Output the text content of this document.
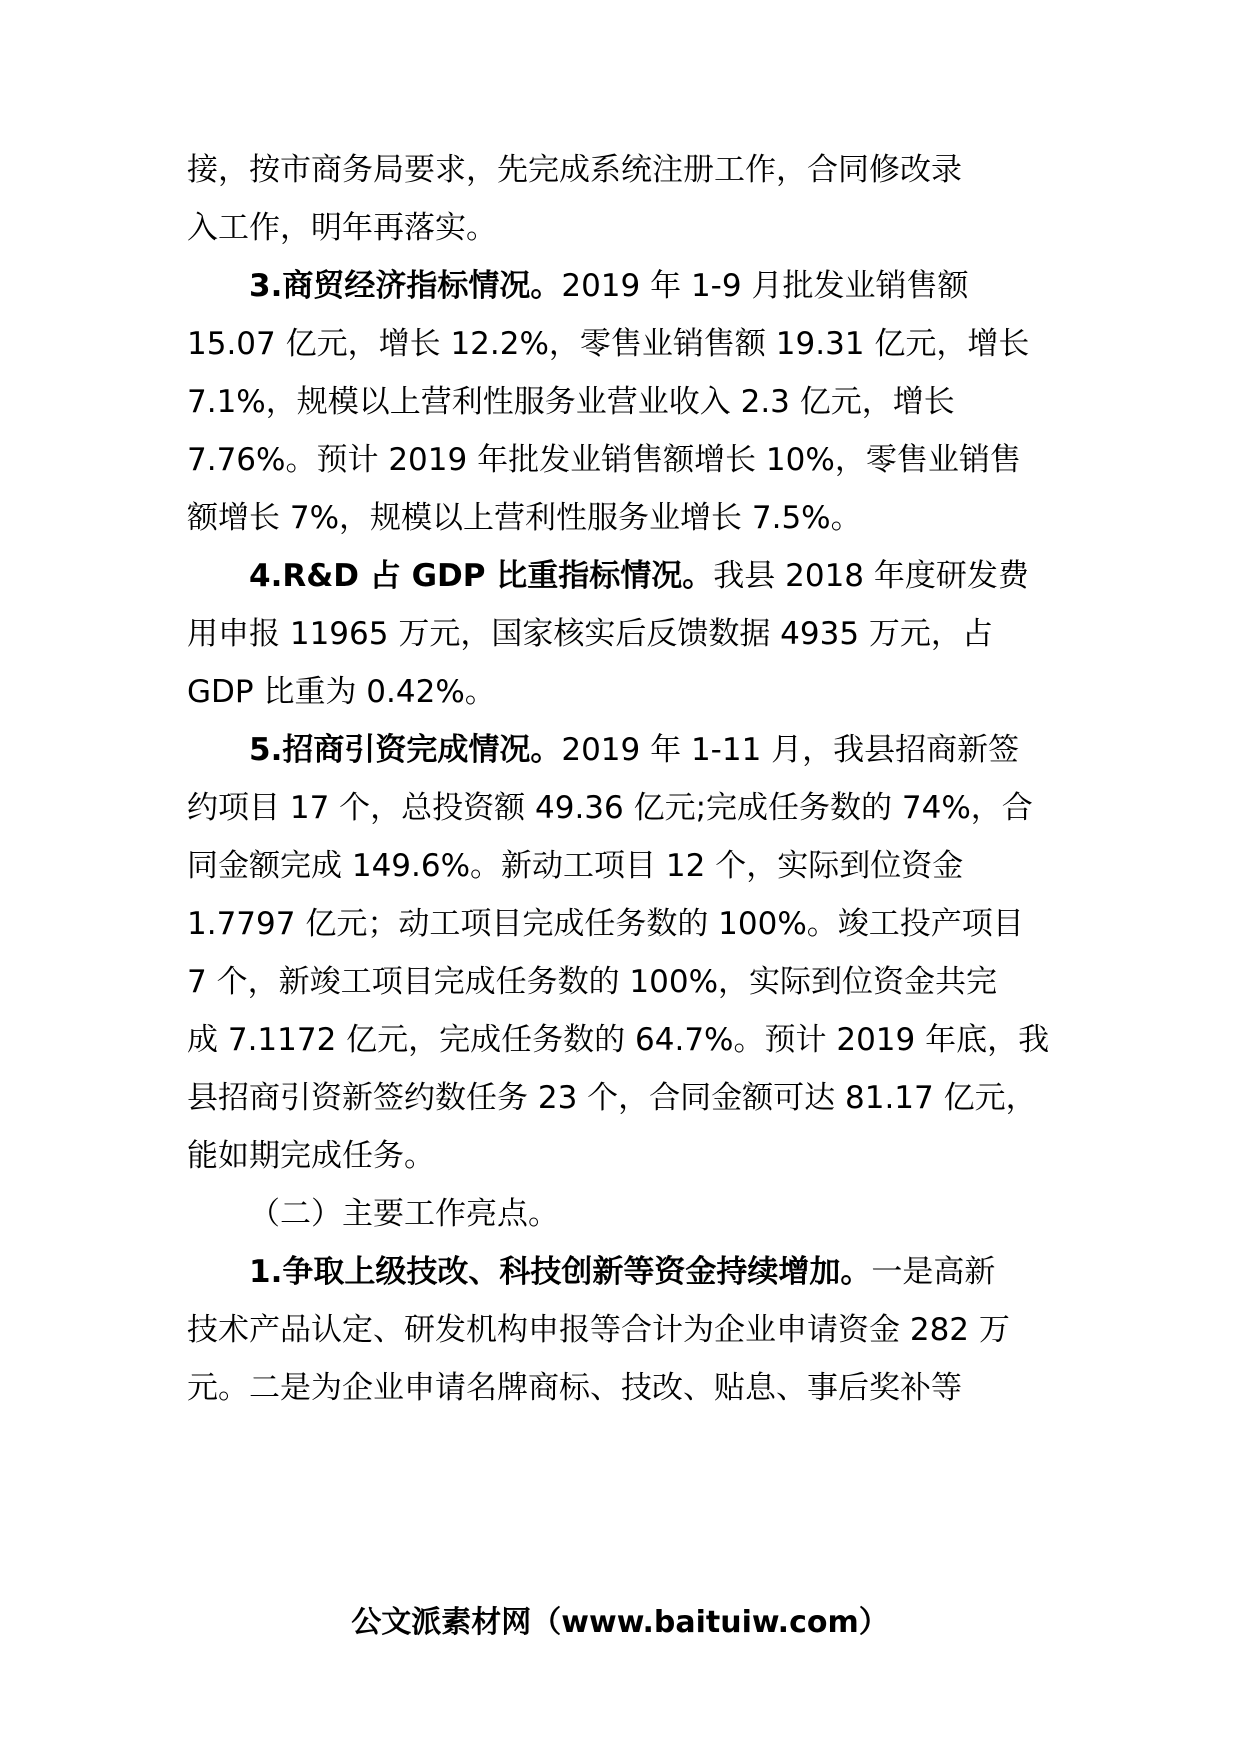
接，按市商务局要求，先完成系统注册工作，合同修改录
入工作，明年再落实。
3.商贸经济指标情况。2019 年 1-9 月批发业销售额
15.07 亿元，增长 12.2%，零售业销售额 19.31 亿元，增长
7.1%，规模以上营利性服务业营业收入 2.3 亿元，增长
7.76%。预计 2019 年批发业销售额增长 10%，零售业销售
额增长 7%，规模以上营利性服务业增长 7.5%。
4.R&D 占 GDP 比重指标情况。我县 2018 年度研发费
用申报 11965 万元，国家核实后反馈数据 4935 万元，占
GDP 比重为 0.42%。
5.招商引资完成情况。2019 年 1-11 月，我县招商新签
约项目 17 个，总投资额 49.36 亿元;完成任务数的 74%，合
同金额完成 149.6%。新动工项目 12 个，实际到位资金
1.7797 亿元；动工项目完成任务数的 100%。竣工投产项目
7 个，新竣工项目完成任务数的 100%，实际到位资金共完
成 7.1172 亿元，完成任务数的 64.7%。预计 2019 年底，我
县招商引资新签约数任务 23 个，合同金额可达 81.17 亿元，
能如期完成任务。
（二）主要工作亮点。
1.争取上级技改、科技创新等资金持续增加。一是高新
技术产品认定、研发机构申报等合计为企业申请资金 282 万
元。二是为企业申请名牌商标、技改、贴息、事后奖补等
公文派素材网（www.baituiw.com）
